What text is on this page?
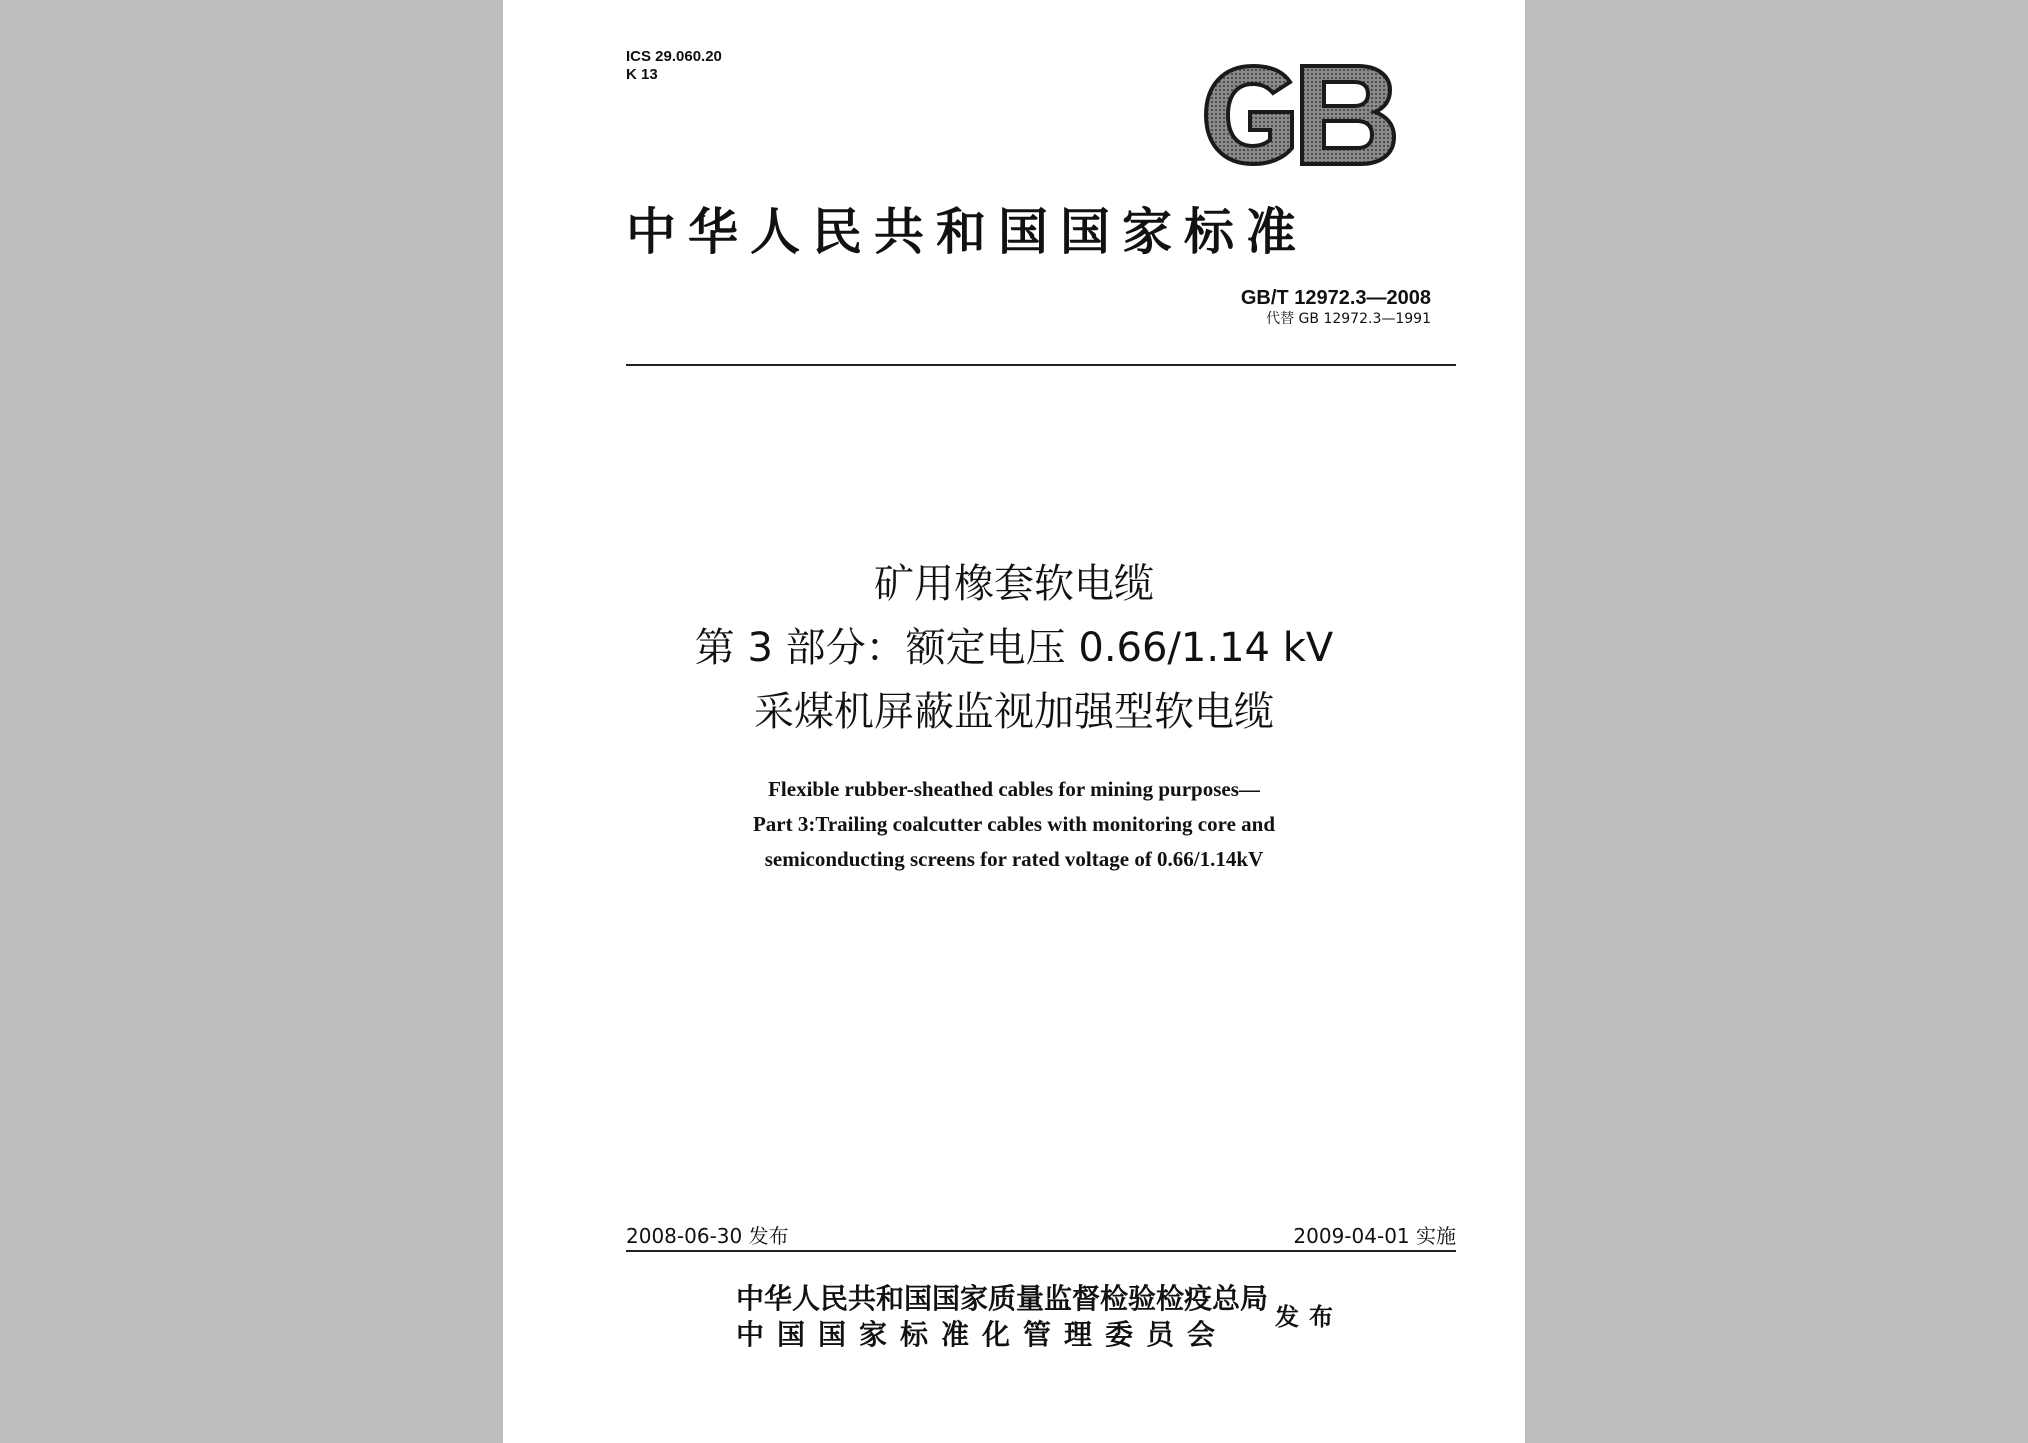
ICS 29.060.20
K 13
中华人民共和国国家标准
GB/T 12972.3—2008
代替 GB 12972.3—1991
矿用橡套软电缆
第 3 部分：额定电压 0.66/1.14 kV
采煤机屏蔽监视加强型软电缆
Flexible rubber-sheathed cables for mining purposes—
Part 3:Trailing coalcutter cables with monitoring core and
semiconducting screens for rated voltage of 0.66/1.14kV
2008-06-30 发布	2009-04-01 实施
中华人民共和国国家质量监督检验检疫总局
中国国家标准化管理委员会
发布
